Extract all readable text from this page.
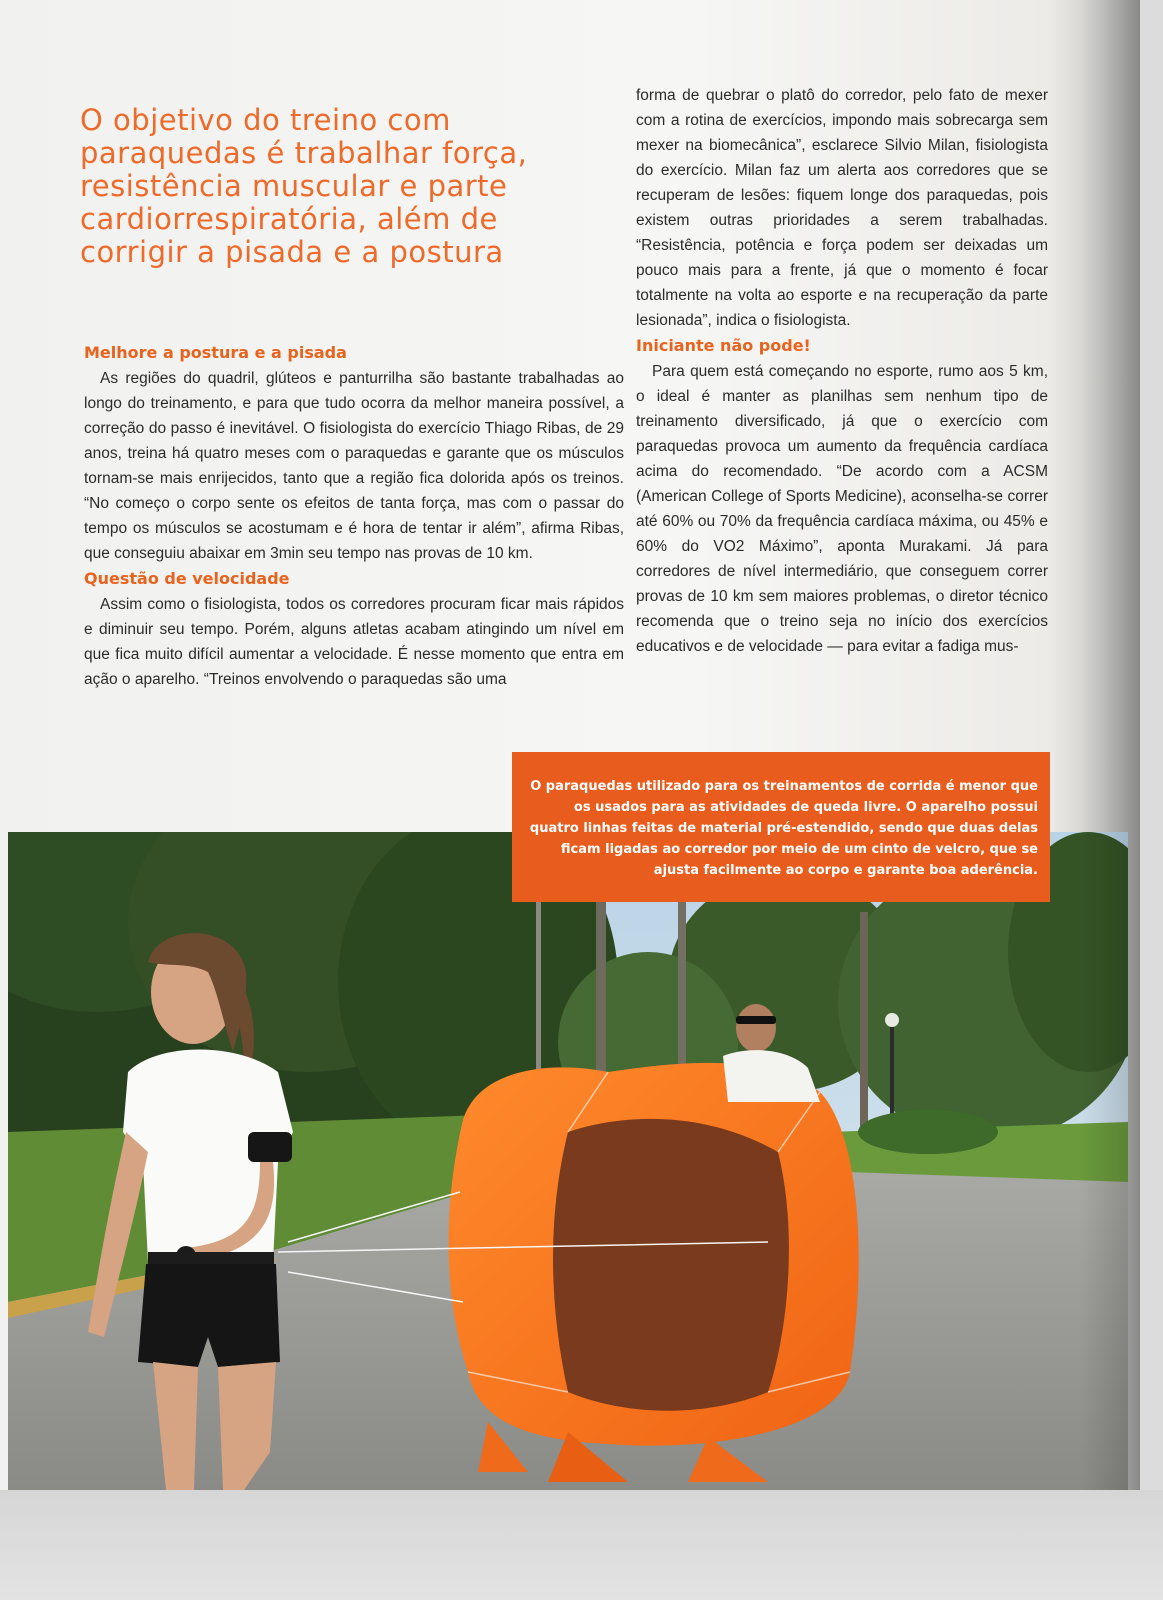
O objetivo do treino com paraquedas é trabalhar força, resistência muscular e parte cardiorrespiratória, além de corrigir a pisada e a postura
Melhore a postura e a pisada

As regiões do quadril, glúteos e panturrilha são bastante trabalhadas ao longo do treinamento, e para que tudo ocorra da melhor maneira possível, a correção do passo é inevitável. O fisiologista do exercício Thiago Ribas, de 29 anos, treina há quatro meses com o paraquedas e garante que os músculos tornam-se mais enrijecidos, tanto que a região fica dolorida após os treinos. “No começo o corpo sente os efeitos de tanta força, mas com o passar do tempo os músculos se acostumam e é hora de tentar ir além”, afirma Ribas, que conseguiu abaixar em 3min seu tempo nas provas de 10 km.

Questão de velocidade

Assim como o fisiologista, todos os corredores procuram ficar mais rápidos e diminuir seu tempo. Porém, alguns atletas acabam atingindo um nível em que fica muito difícil aumentar a velocidade. É nesse momento que entra em ação o aparelho. “Treinos envolvendo o paraquedas são uma

forma de quebrar o platô do corredor, pelo fato de mexer com a rotina de exercícios, impondo mais sobrecarga sem mexer na biomecânica”, esclarece Silvio Milan, fisiologista do exercício. Milan faz um alerta aos corredores que se recuperam de lesões: fiquem longe dos paraquedas, pois existem outras prioridades a serem trabalhadas. “Resistência, potência e força podem ser deixadas um pouco mais para a frente, já que o momento é focar totalmente na volta ao esporte e na recuperação da parte lesionada”, indica o fisiologista.

Iniciante não pode!

Para quem está começando no esporte, rumo aos 5 km, o ideal é manter as planilhas sem nenhum tipo de treinamento diversificado, já que o exercício com paraquedas provoca um aumento da frequência cardíaca acima do recomendado. “De acordo com a ACSM (American College of Sports Medicine), aconselha-se correr até 60% ou 70% da frequência cardíaca máxima, ou 45% e 60% do VO2 Máximo”, aponta Murakami. Já para corredores de nível intermediário, que conseguem correr provas de 10 km sem maiores problemas, o diretor técnico recomenda que o treino seja no início dos exercícios educativos e de velocidade — para evitar a fadiga mus-

O paraquedas utilizado para os treinamentos de corrida é menor que os usados para as atividades de queda livre. O aparelho possui quatro linhas feitas de material pré-estendido, sendo que duas delas ficam ligadas ao corredor por meio de um cinto de velcro, que se ajusta facilmente ao corpo e garante boa aderência.
